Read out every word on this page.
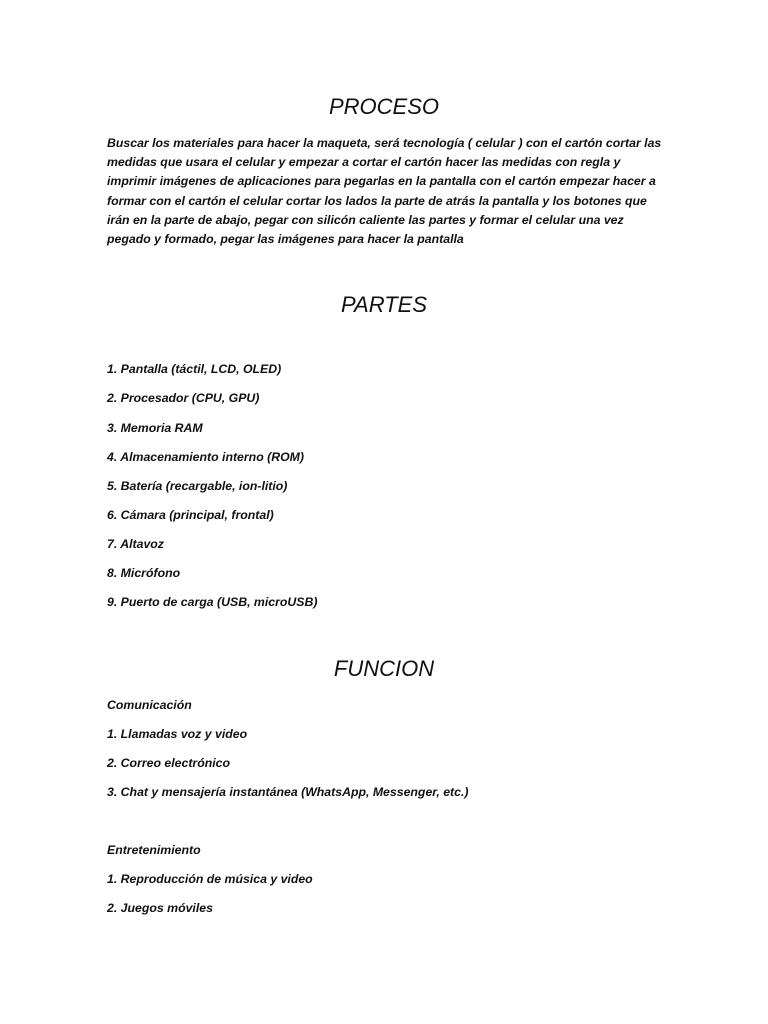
PROCESO

Buscar los materiales para hacer la maqueta, será tecnología ( celular ) con el cartón cortar las medidas que usara el celular y empezar a cortar el cartón hacer las medidas con regla y imprimir imágenes de aplicaciones para pegarlas en la pantalla con el cartón empezar hacer a formar con el cartón el celular cortar los lados la parte de atrás la pantalla y los botones que irán en la parte de abajo, pegar con silicón caliente las partes y formar el celular una vez pegado y formado, pegar las imágenes para hacer la pantalla

PARTES

1. Pantalla (táctil, LCD, OLED)

2. Procesador (CPU, GPU)

3. Memoria RAM

4. Almacenamiento interno (ROM)

5. Batería (recargable, ion-litio)

6. Cámara (principal, frontal)

7. Altavoz

8. Micrófono

9. Puerto de carga (USB, microUSB)

FUNCION

Comunicación

1. Llamadas voz y video

2. Correo electrónico

3. Chat y mensajería instantánea (WhatsApp, Messenger, etc.)

Entretenimiento

1. Reproducción de música y video

2. Juegos móviles
